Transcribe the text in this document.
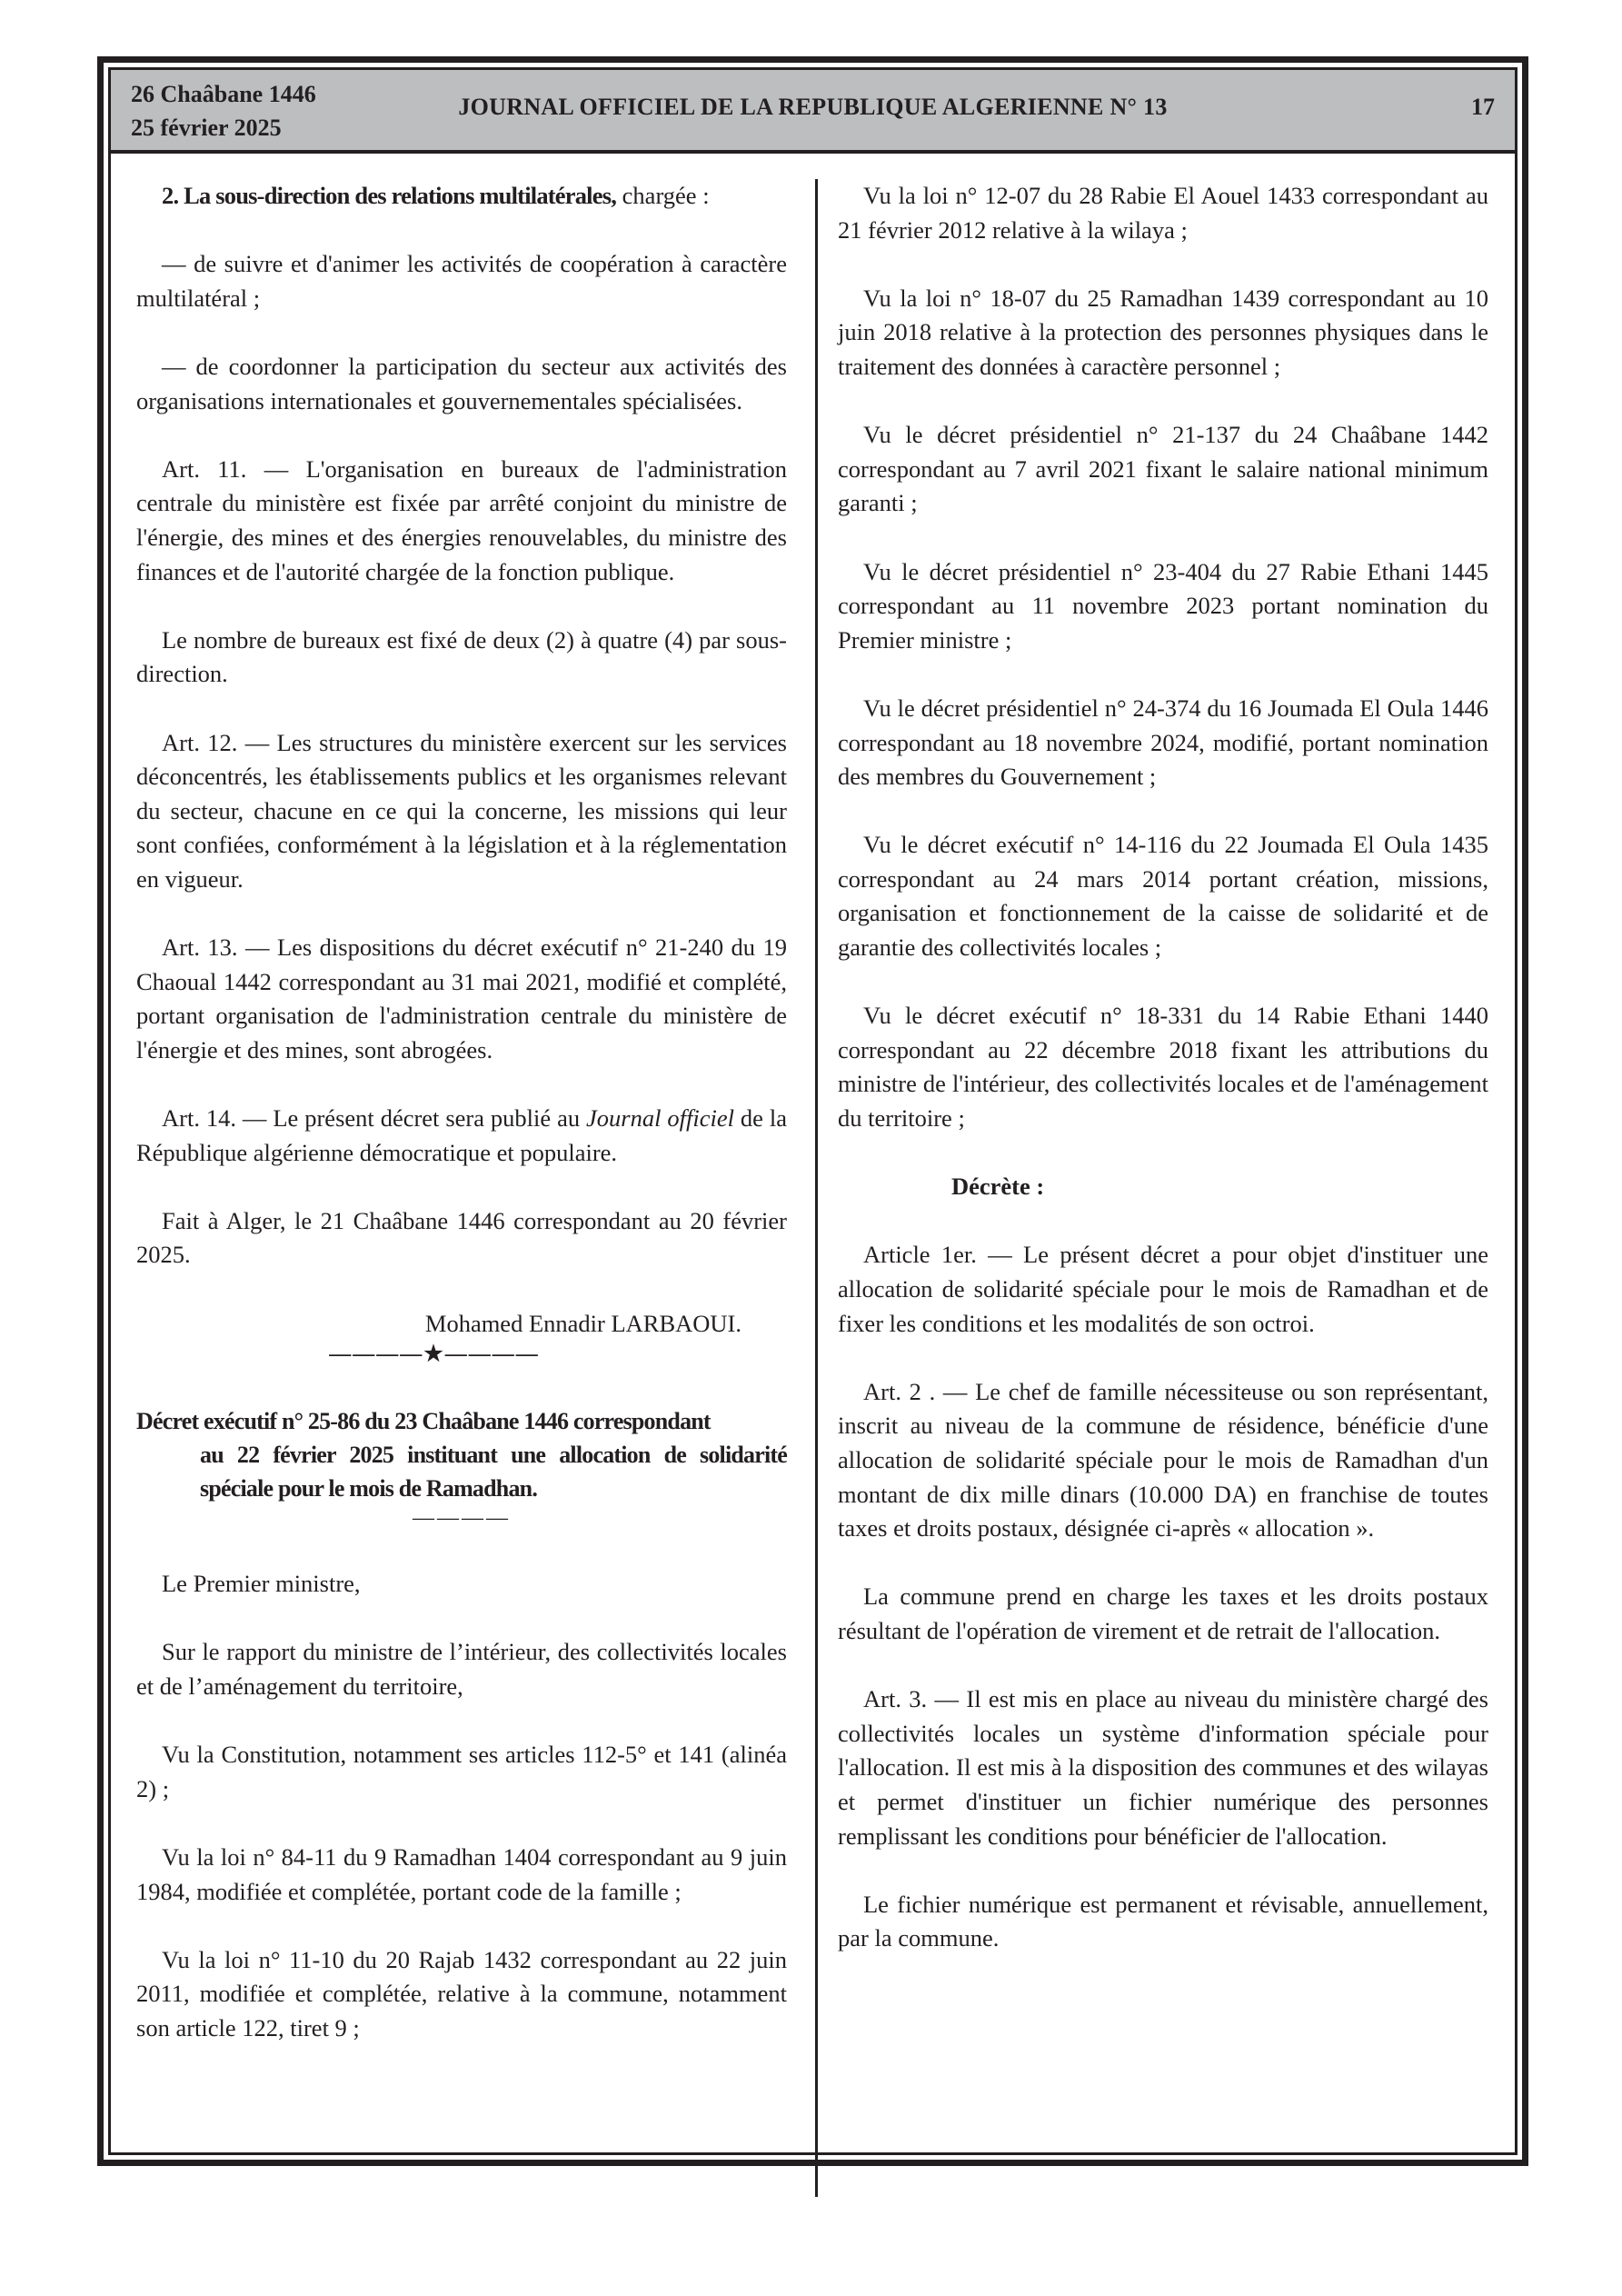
26 Chaâbane 1446
25 février 2025
JOURNAL OFFICIEL DE LA REPUBLIQUE ALGERIENNE N° 13	17

2. La sous-direction des relations multilatérales, chargée :

— de suivre et d'animer les activités de coopération à caractère multilatéral ;

— de coordonner la participation du secteur aux activités des organisations internationales et gouvernementales spécialisées.

Art. 11. — L'organisation en bureaux de l'administration centrale du ministère est fixée par arrêté conjoint du ministre de l'énergie, des mines et des énergies renouvelables, du ministre des finances et de l'autorité chargée de la fonction publique.

Le nombre de bureaux est fixé de deux (2) à quatre (4) par sous-direction.

Art. 12. — Les structures du ministère exercent sur les services déconcentrés, les établissements publics et les organismes relevant du secteur, chacune en ce qui la concerne, les missions qui leur sont confiées, conformément à la législation et à la réglementation en vigueur.

Art. 13. — Les dispositions du décret exécutif n° 21-240 du 19 Chaoual 1442 correspondant au 31 mai 2021, modifié et complété, portant organisation de l'administration centrale du ministère de l'énergie et des mines, sont abrogées.

Art. 14. — Le présent décret sera publié au Journal officiel de la République algérienne démocratique et populaire.

Fait à Alger, le 21 Chaâbane 1446 correspondant au 20 février 2025.

Mohamed Ennadir LARBAOUI.

————★————
Décret exécutif n° 25-86 du 23 Chaâbane 1446 correspondant
au 22 février 2025 instituant une allocation de solidarité spéciale pour le mois de Ramadhan.
————

Le Premier ministre,

Sur le rapport du ministre de l’intérieur, des collectivités locales et de l’aménagement du territoire,

Vu la Constitution, notamment ses articles 112-5° et 141 (alinéa 2) ;

Vu la loi n° 84-11 du 9 Ramadhan 1404 correspondant au 9 juin 1984, modifiée et complétée, portant code de la famille ;

Vu la loi n° 11-10 du 20 Rajab 1432 correspondant au 22 juin 2011, modifiée et complétée, relative à la commune, notamment son article 122, tiret 9 ;

Vu la loi n° 12-07 du 28 Rabie El Aouel 1433 correspondant au 21 février 2012 relative à la wilaya ;

Vu la loi n° 18-07 du 25 Ramadhan 1439 correspondant au 10 juin 2018 relative à la protection des personnes physiques dans le traitement des données à caractère personnel ;

Vu le décret présidentiel n° 21-137 du 24 Chaâbane 1442 correspondant au 7 avril 2021 fixant le salaire national minimum garanti ;

Vu le décret présidentiel n° 23-404 du 27 Rabie Ethani 1445 correspondant au 11 novembre 2023 portant nomination du Premier ministre ;

Vu le décret présidentiel n° 24-374 du 16 Joumada El Oula 1446 correspondant au 18 novembre 2024, modifié, portant nomination des membres du Gouvernement ;

Vu le décret exécutif n° 14-116 du 22 Joumada El Oula 1435 correspondant au 24 mars 2014 portant création, missions, organisation et fonctionnement de la caisse de solidarité et de garantie des collectivités locales ;

Vu le décret exécutif n° 18-331 du 14 Rabie Ethani 1440 correspondant au 22 décembre 2018 fixant les attributions du ministre de l'intérieur, des collectivités locales et de l'aménagement du territoire ;

Décrète :

Article 1er. — Le présent décret a pour objet d'instituer une allocation de solidarité spéciale pour le mois de Ramadhan et de fixer les conditions et les modalités de son octroi.

Art. 2 . — Le chef de famille nécessiteuse ou son représentant, inscrit au niveau de la commune de résidence, bénéficie d'une allocation de solidarité spéciale pour le mois de Ramadhan d'un montant de dix mille dinars (10.000 DA) en franchise de toutes taxes et droits postaux, désignée ci-après « allocation ».

La commune prend en charge les taxes et les droits postaux résultant de l'opération de virement et de retrait de l'allocation.

Art. 3. — Il est mis en place au niveau du ministère chargé des collectivités locales un système d'information spéciale pour l'allocation. Il est mis à la disposition des communes et des wilayas et permet d'instituer un fichier numérique des personnes remplissant les conditions pour bénéficier de l'allocation.

Le fichier numérique est permanent et révisable, annuellement, par la commune.
